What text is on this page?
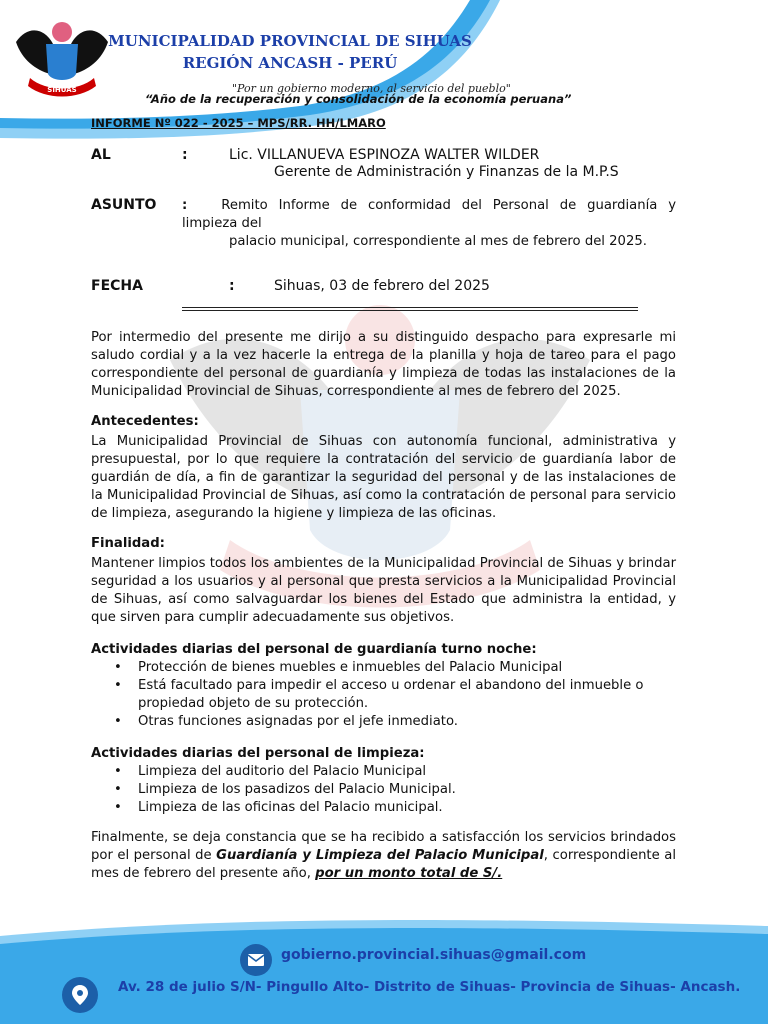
SIHUAS
MUNICIPALIDAD PROVINCIAL DE SIHUAS
REGIÓN ANCASH - PERÚ
"Por un gobierno moderno, al servicio del pueblo"
“Año de la recuperación y consolidación de la economía peruana”
INFORME Nº 022 - 2025 – MPS/RR. HH/LMARO
AL	:	Lic. VILLANUEVA ESPINOZA WALTER WILDER
Gerente de Administración y Finanzas de la M.P.S
ASUNTO :	Remito Informe de conformidad del Personal de guardianía y limpieza del
palacio municipal, correspondiente al mes de febrero del 2025.
FECHA	:	Sihuas, 03 de febrero del 2025

Por intermedio del presente me dirijo a su distinguido despacho para expresarle mi saludo cordial y a la vez hacerle la entrega de la planilla y hoja de tareo para el pago correspondiente del personal de guardianía y limpieza de todas las instalaciones de la Municipalidad Provincial de Sihuas, correspondiente al mes de febrero del 2025.

Antecedentes:

La Municipalidad Provincial de Sihuas con autonomía funcional, administrativa y presupuestal, por lo que requiere la contratación del servicio de guardianía labor de guardián de día, a fin de garantizar la seguridad del personal y de las instalaciones de la Municipalidad Provincial de Sihuas, así como la contratación de personal para servicio de limpieza, asegurando la higiene y limpieza de las oficinas.

Finalidad:

Mantener limpios todos los ambientes de la Municipalidad Provincial de Sihuas y brindar seguridad a los usuarios y al personal que presta servicios a la Municipalidad Provincial de Sihuas, así como salvaguardar los bienes del Estado que administra la entidad, y que sirven para cumplir adecuadamente sus objetivos.

Actividades diarias del personal de guardianía turno noche:
• Protección de bienes muebles e inmuebles del Palacio Municipal
• Está facultado para impedir el acceso u ordenar el abandono del inmueble o propiedad objeto de su protección.
• Otras funciones asignadas por el jefe inmediato.
Actividades diarias del personal de limpieza:
• Limpieza del auditorio del Palacio Municipal
• Limpieza de los pasadizos del Palacio Municipal.
• Limpieza de las oficinas del Palacio municipal.

Finalmente, se deja constancia que se ha recibido a satisfacción los servicios brindados por el personal de Guardianía y Limpieza del Palacio Municipal, correspondiente al mes de febrero del presente año, por un monto total de S/.

gobierno.provincial.sihuas@gmail.com
Av. 28 de julio S/N- Pingullo Alto- Distrito de Sihuas- Provincia de Sihuas- Ancash.
